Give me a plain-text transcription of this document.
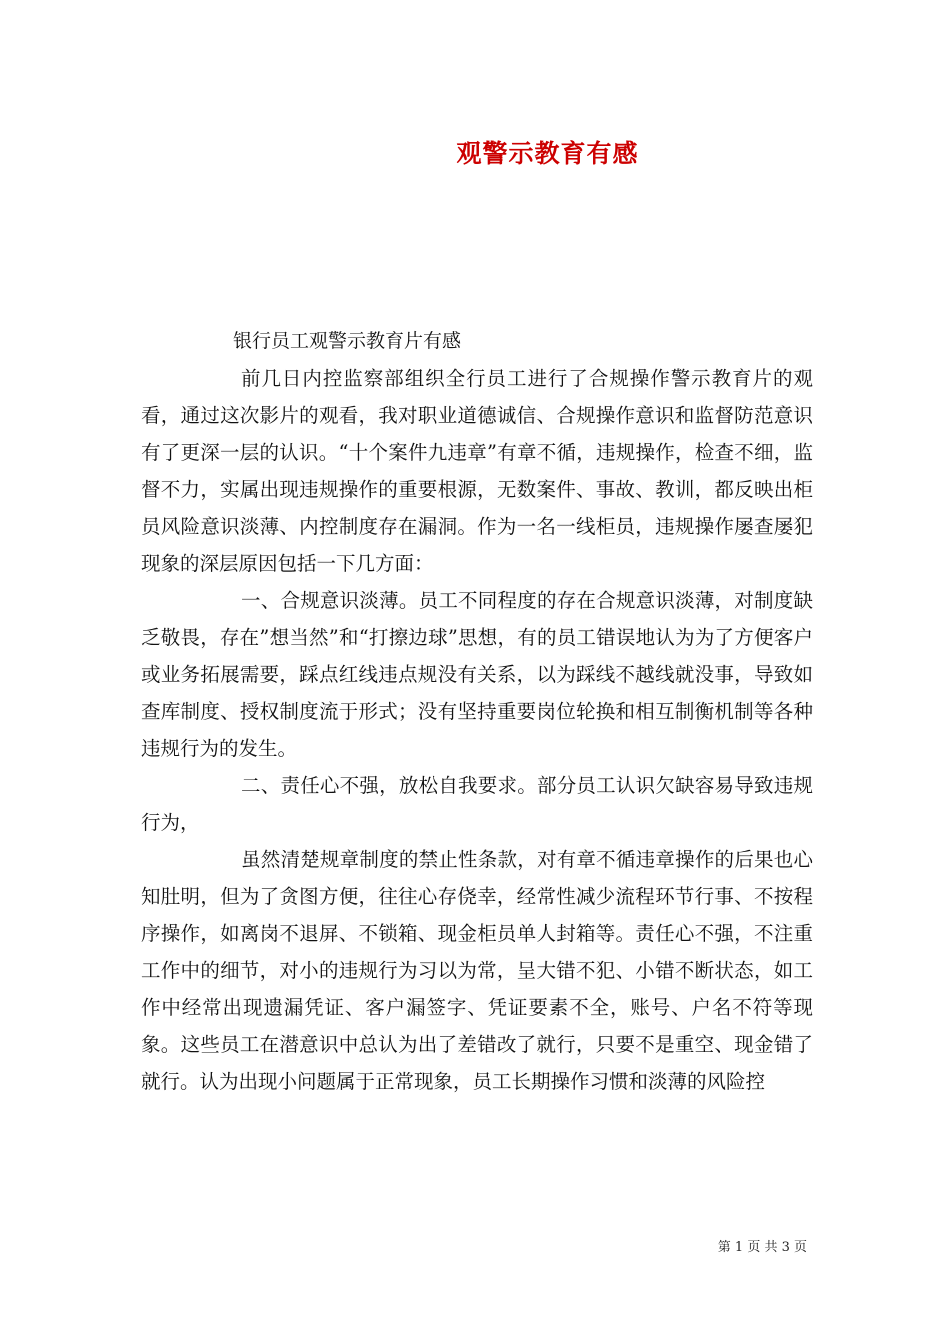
观警示教育有感
银行员工观警示教育片有感

前几日内控监察部组织全行员工进行了合规操作警示教育片的观看，通过这次影片的观看，我对职业道德诚信、合规操作意识和监督防范意识有了更深一层的认识。“十个案件九违章”有章不循，违规操作，检查不细，监督不力，实属出现违规操作的重要根源，无数案件、事故、教训，都反映出柜员风险意识淡薄、内控制度存在漏洞。作为一名一线柜员，违规操作屡查屡犯现象的深层原因包括一下几方面：

一、合规意识淡薄。员工不同程度的存在合规意识淡薄，对制度缺乏敬畏，存在”想当然”和“打擦边球”思想，有的员工错误地认为为了方便客户或业务拓展需要，踩点红线违点规没有关系，以为踩线不越线就没事，导致如查库制度、授权制度流于形式；没有坚持重要岗位轮换和相互制衡机制等各种违规行为的发生。

二、责任心不强，放松自我要求。部分员工认识欠缺容易导致违规行为，

虽然清楚规章制度的禁止性条款，对有章不循违章操作的后果也心知肚明，但为了贪图方便，往往心存侥幸，经常性减少流程环节行事、不按程序操作，如离岗不退屏、不锁箱、现金柜员单人封箱等。责任心不强，不注重工作中的细节，对小的违规行为习以为常，呈大错不犯、小错不断状态，如工作中经常出现遗漏凭证、客户漏签字、凭证要素不全，账号、户名不符等现象。这些员工在潜意识中总认为出了差错改了就行，只要不是重空、现金错了就行。认为出现小问题属于正常现象，员工长期操作习惯和淡薄的风险控

第 1 页 共 3 页
